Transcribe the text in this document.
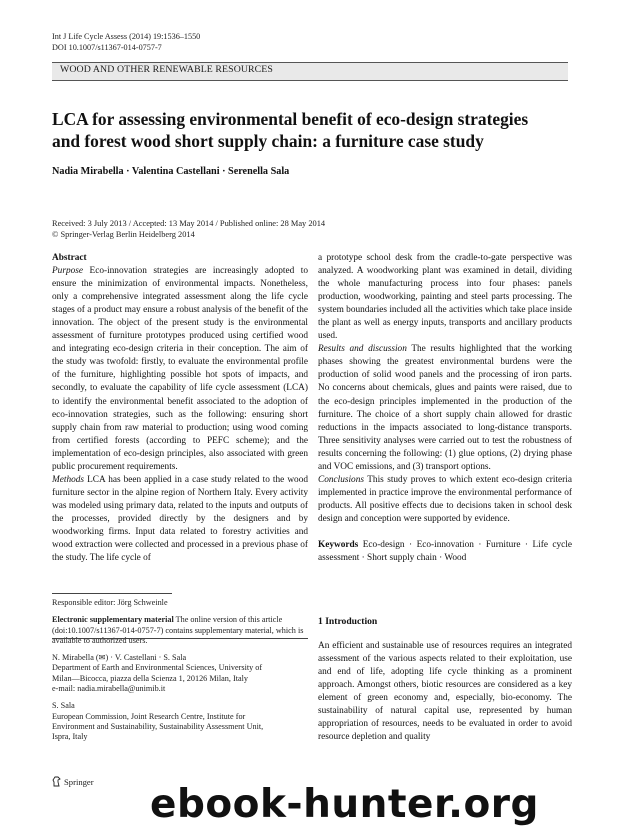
Int J Life Cycle Assess (2014) 19:1536–1550
DOI 10.1007/s11367-014-0757-7
WOOD AND OTHER RENEWABLE RESOURCES
LCA for assessing environmental benefit of eco-design strategies
and forest wood short supply chain: a furniture case study
Nadia Mirabella · Valentina Castellani · Serenella Sala
Received: 3 July 2013 / Accepted: 13 May 2014 / Published online: 28 May 2014
© Springer-Verlag Berlin Heidelberg 2014

Abstract

Purpose Eco-innovation strategies are increasingly adopted to ensure the minimization of environmental impacts. Nonetheless, only a comprehensive integrated assessment along the life cycle stages of a product may ensure a robust analysis of the benefit of the innovation. The object of the present study is the environmental assessment of furniture prototypes produced using certified wood and integrating eco-design criteria in their conception. The aim of the study was twofold: firstly, to evaluate the environmental profile of the furniture, highlighting possible hot spots of impacts, and secondly, to evaluate the capability of life cycle assessment (LCA) to identify the environmental benefit associated to the adoption of eco-innovation strategies, such as the following: ensuring short supply chain from raw material to production; using wood coming from certified forests (according to PEFC scheme); and the implementation of eco-design principles, also associated with green public procurement requirements.

Methods LCA has been applied in a case study related to the wood furniture sector in the alpine region of Northern Italy. Every activity was modeled using primary data, related to the inputs and outputs of the processes, provided directly by the designers and by woodworking firms. Input data related to forestry activities and wood extraction were collected and processed in a previous phase of the study. The life cycle of

Responsible editor: Jörg Schweinle

Electronic supplementary material The online version of this article (doi:10.1007/s11367-014-0757-7) contains supplementary material, which is available to authorized users.

N. Mirabella (✉) · V. Castellani · S. Sala

Department of Earth and Environmental Sciences, University of

Milan—Bicocca, piazza della Scienza 1, 20126 Milan, Italy

e-mail: nadia.mirabella@unimib.it

S. Sala

European Commission, Joint Research Centre, Institute for

Environment and Sustainability, Sustainability Assessment Unit,

Ispra, Italy

a prototype school desk from the cradle-to-gate perspective was analyzed. A woodworking plant was examined in detail, dividing the whole manufacturing process into four phases: panels production, woodworking, painting and steel parts processing. The system boundaries included all the activities which take place inside the plant as well as energy inputs, transports and ancillary products used.

Results and discussion The results highlighted that the working phases showing the greatest environmental burdens were the production of solid wood panels and the processing of iron parts. No concerns about chemicals, glues and paints were raised, due to the eco-design principles implemented in the production of the furniture. The choice of a short supply chain allowed for drastic reductions in the impacts associated to long-distance transports. Three sensitivity analyses were carried out to test the robustness of results concerning the following: (1) glue options, (2) drying phase and VOC emissions, and (3) transport options.

Conclusions This study proves to which extent eco-design criteria implemented in practice improve the environmental performance of products. All positive effects due to decisions taken in school desk design and conception were supported by evidence.

Keywords Eco-design · Eco-innovation · Furniture · Life cycle assessment · Short supply chain · Wood

1 Introduction

An efficient and sustainable use of resources requires an integrated assessment of the various aspects related to their exploitation, use and end of life, adopting life cycle thinking as a prominent approach. Amongst others, biotic resources are considered as a key element of green economy and, especially, bio-economy. The sustainability of natural capital use, represented by human appropriation of resources, needs to be evaluated in order to avoid resource depletion and quality

Springer
ebook-hunter.org
